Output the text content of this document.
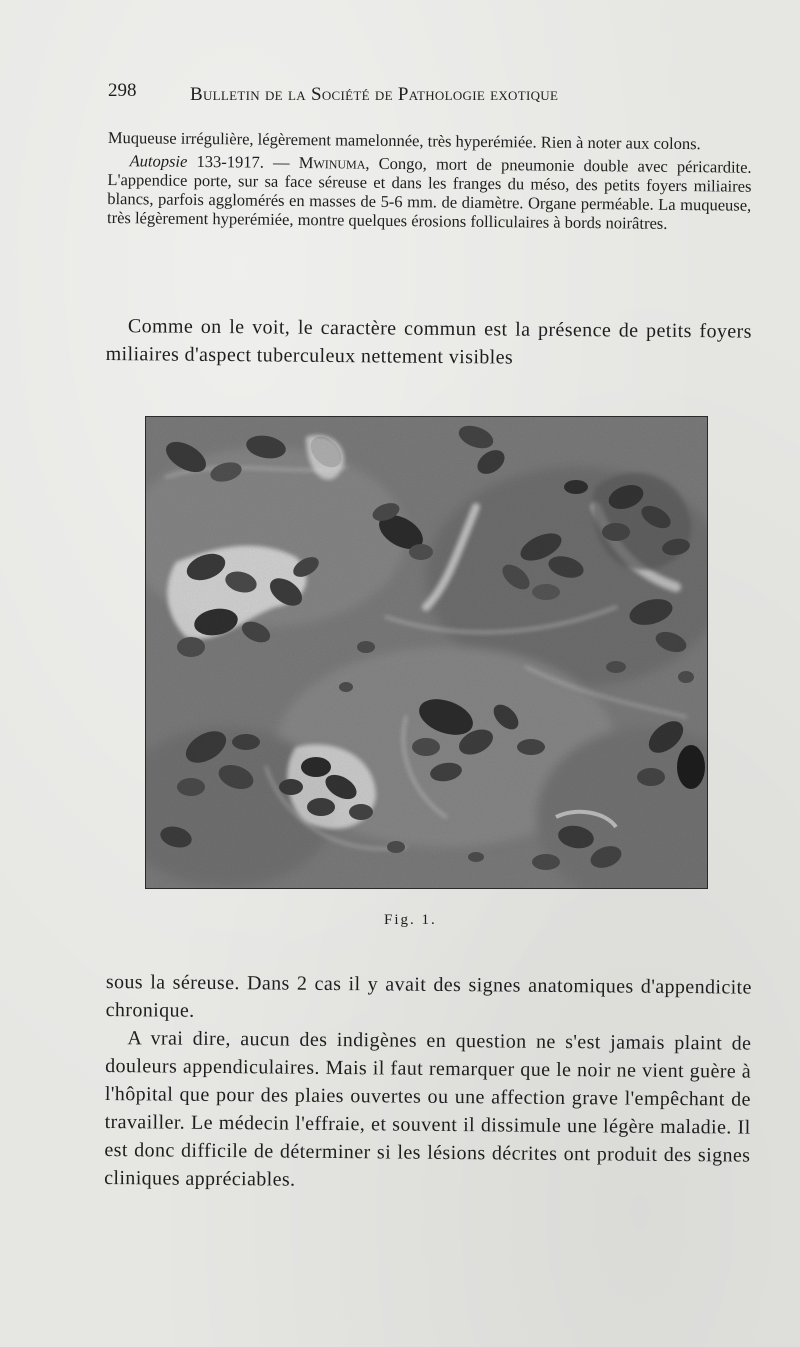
298	Bulletin de la Société de Pathologie exotique

Muqueuse irrégulière, légèrement mamelonnée, très hyperémiée. Rien à noter aux colons.

Autopsie 133-1917. — Mwinuma, Congo, mort de pneumonie double avec péricardite. L'appendice porte, sur sa face séreuse et dans les franges du méso, des petits foyers miliaires blancs, parfois agglomérés en masses de 5-6 mm. de diamètre. Organe perméable. La muqueuse, très légèrement hyperémiée, montre quelques érosions folliculaires à bords noirâtres.

Comme on le voit, le caractère commun est la présence de petits foyers miliaires d'aspect tuberculeux nettement visibles

Fig. 1.

sous la séreuse. Dans 2 cas il y avait des signes anatomiques d'appendicite chronique.

A vrai dire, aucun des indigènes en question ne s'est jamais plaint de douleurs appendiculaires. Mais il faut remarquer que le noir ne vient guère à l'hôpital que pour des plaies ouvertes ou une affection grave l'empêchant de travailler. Le médecin l'effraie, et souvent il dissimule une légère maladie. Il est donc difficile de déterminer si les lésions décrites ont produit des signes cliniques appréciables.
